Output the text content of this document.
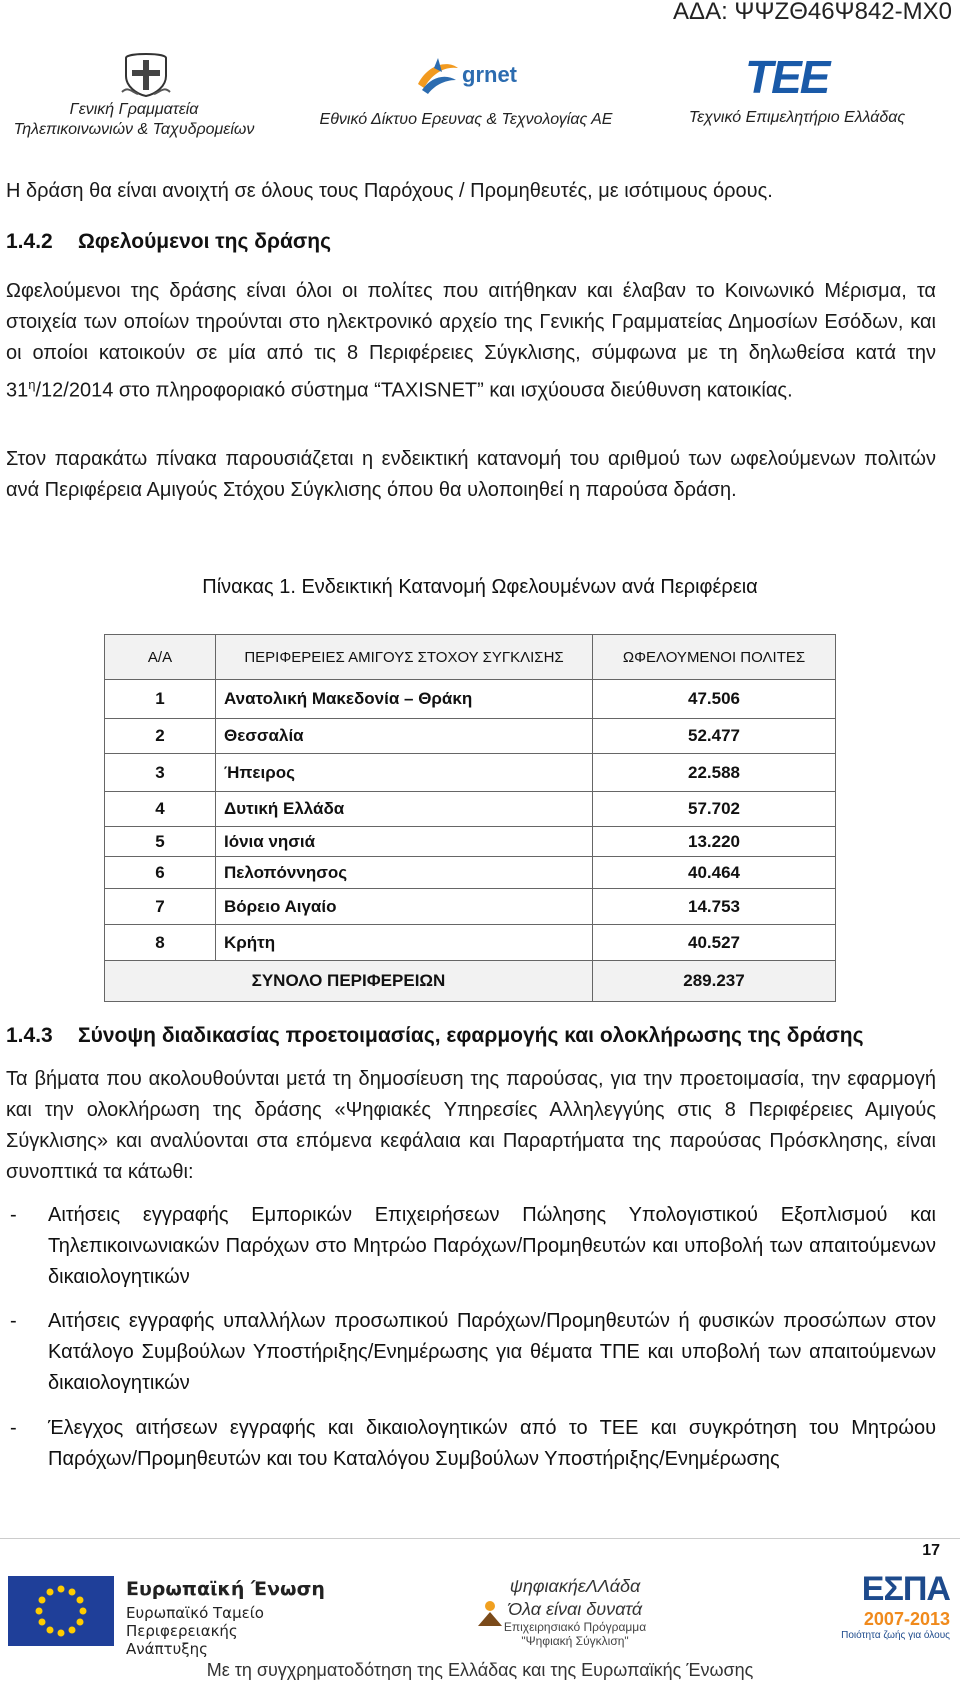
ΑΔΑ: ΨΨΖΘ46Ψ842-ΜΧ0
Γενική Γραμματεία
Τηλεπικοινωνιών & Ταχυδρομείων
grnet
Εθνικό Δίκτυο Ερευνας & Τεχνολογίας ΑΕ
TEE
Τεχνικό Επιμελητήριο Ελλάδας
Η δράση θα είναι ανοιχτή σε όλους τους Παρόχους / Προμηθευτές, με ισότιμους όρους.
1.4.2 Ωφελούμενοι της δράσης
Ωφελούμενοι της δράσης είναι όλοι οι πολίτες που αιτήθηκαν και έλαβαν το Κοινωνικό Μέρισμα, τα στοιχεία των οποίων τηρούνται στο ηλεκτρονικό αρχείο της Γενικής Γραμματείας Δημοσίων Εσόδων, και οι οποίοι κατοικούν σε μία από τις 8 Περιφέρειες Σύγκλισης, σύμφωνα με τη δηλωθείσα κατά την $31^\eta/12/2014$ στο πληροφοριακό σύστημα “TAXISNET” και ισχύουσα διεύθυνση κατοικίας.
Στον παρακάτω πίνακα παρουσιάζεται η ενδεικτική κατανομή του αριθμού των ωφελούμενων πολιτών ανά Περιφέρεια Αμιγούς Στόχου Σύγκλισης όπου θα υλοποιηθεί η παρούσα δράση.
Πίνακας 1. Ενδεικτική Κατανομή Ωφελουμένων ανά Περιφέρεια
Α/Α	ΠΕΡΙΦΕΡΕΙΕΣ ΑΜΙΓΟΥΣ ΣΤΟΧΟΥ ΣΥΓΚΛΙΣΗΣ	ΩΦΕΛΟΥΜΕΝΟΙ ΠΟΛΙΤΕΣ
1	Ανατολική Μακεδονία – Θράκη	47.506
2	Θεσσαλία	52.477
3	Ήπειρος	22.588
4	Δυτική Ελλάδα	57.702
5	Ιόνια νησιά	13.220
6	Πελοπόννησος	40.464
7	Βόρειο Αιγαίο	14.753
8	Κρήτη	40.527
ΣΥΝΟΛΟ ΠΕΡΙΦΕΡΕΙΩΝ		289.237
1.4.3 Σύνοψη διαδικασίας προετοιμασίας, εφαρμογής και ολοκλήρωσης της δράσης
Τα βήματα που ακολουθούνται μετά τη δημοσίευση της παρούσας, για την προετοιμασία, την εφαρμογή και την ολοκλήρωση της δράσης «Ψηφιακές Υπηρεσίες Αλληλεγγύης στις 8 Περιφέρειες Αμιγούς Σύγκλισης» και αναλύονται στα επόμενα κεφάλαια και Παραρτήματα της παρούσας Πρόσκλησης, είναι συνοπτικά τα κάτωθι:
- Αιτήσεις εγγραφής Εμπορικών Επιχειρήσεων Πώλησης Υπολογιστικού Εξοπλισμού και Τηλεπικοινωνιακών Παρόχων στο Μητρώο Παρόχων/Προμηθευτών και υποβολή των απαιτούμενων δικαιολογητικών
- Αιτήσεις εγγραφής υπαλλήλων προσωπικού Παρόχων/Προμηθευτών ή φυσικών προσώπων στον Κατάλογο Συμβούλων Υποστήριξης/Ενημέρωσης για θέματα ΤΠΕ και υποβολή των απαιτούμενων δικαιολογητικών
- Έλεγχος αιτήσεων εγγραφής και δικαιολογητικών από το ΤΕΕ και συγκρότηση του Μητρώου Παρόχων/Προμηθευτών και του Καταλόγου Συμβούλων Υποστήριξης/Ενημέρωσης
17
Ευρωπαϊκή Ένωση
Ευρωπαϊκό Ταμείο
Περιφερειακής
Ανάπτυξης
ψηφιακήεΛΛάδα
Όλα είναι δυνατά
Επιχειρησιακό Πρόγραμμα
"Ψηφιακή Σύγκλιση"
ΕΣΠΑ
2007-2013
Ποιότητα ζωής για όλους
Με τη συγχρηματοδότηση της Ελλάδας και της Ευρωπαϊκής Ένωσης
